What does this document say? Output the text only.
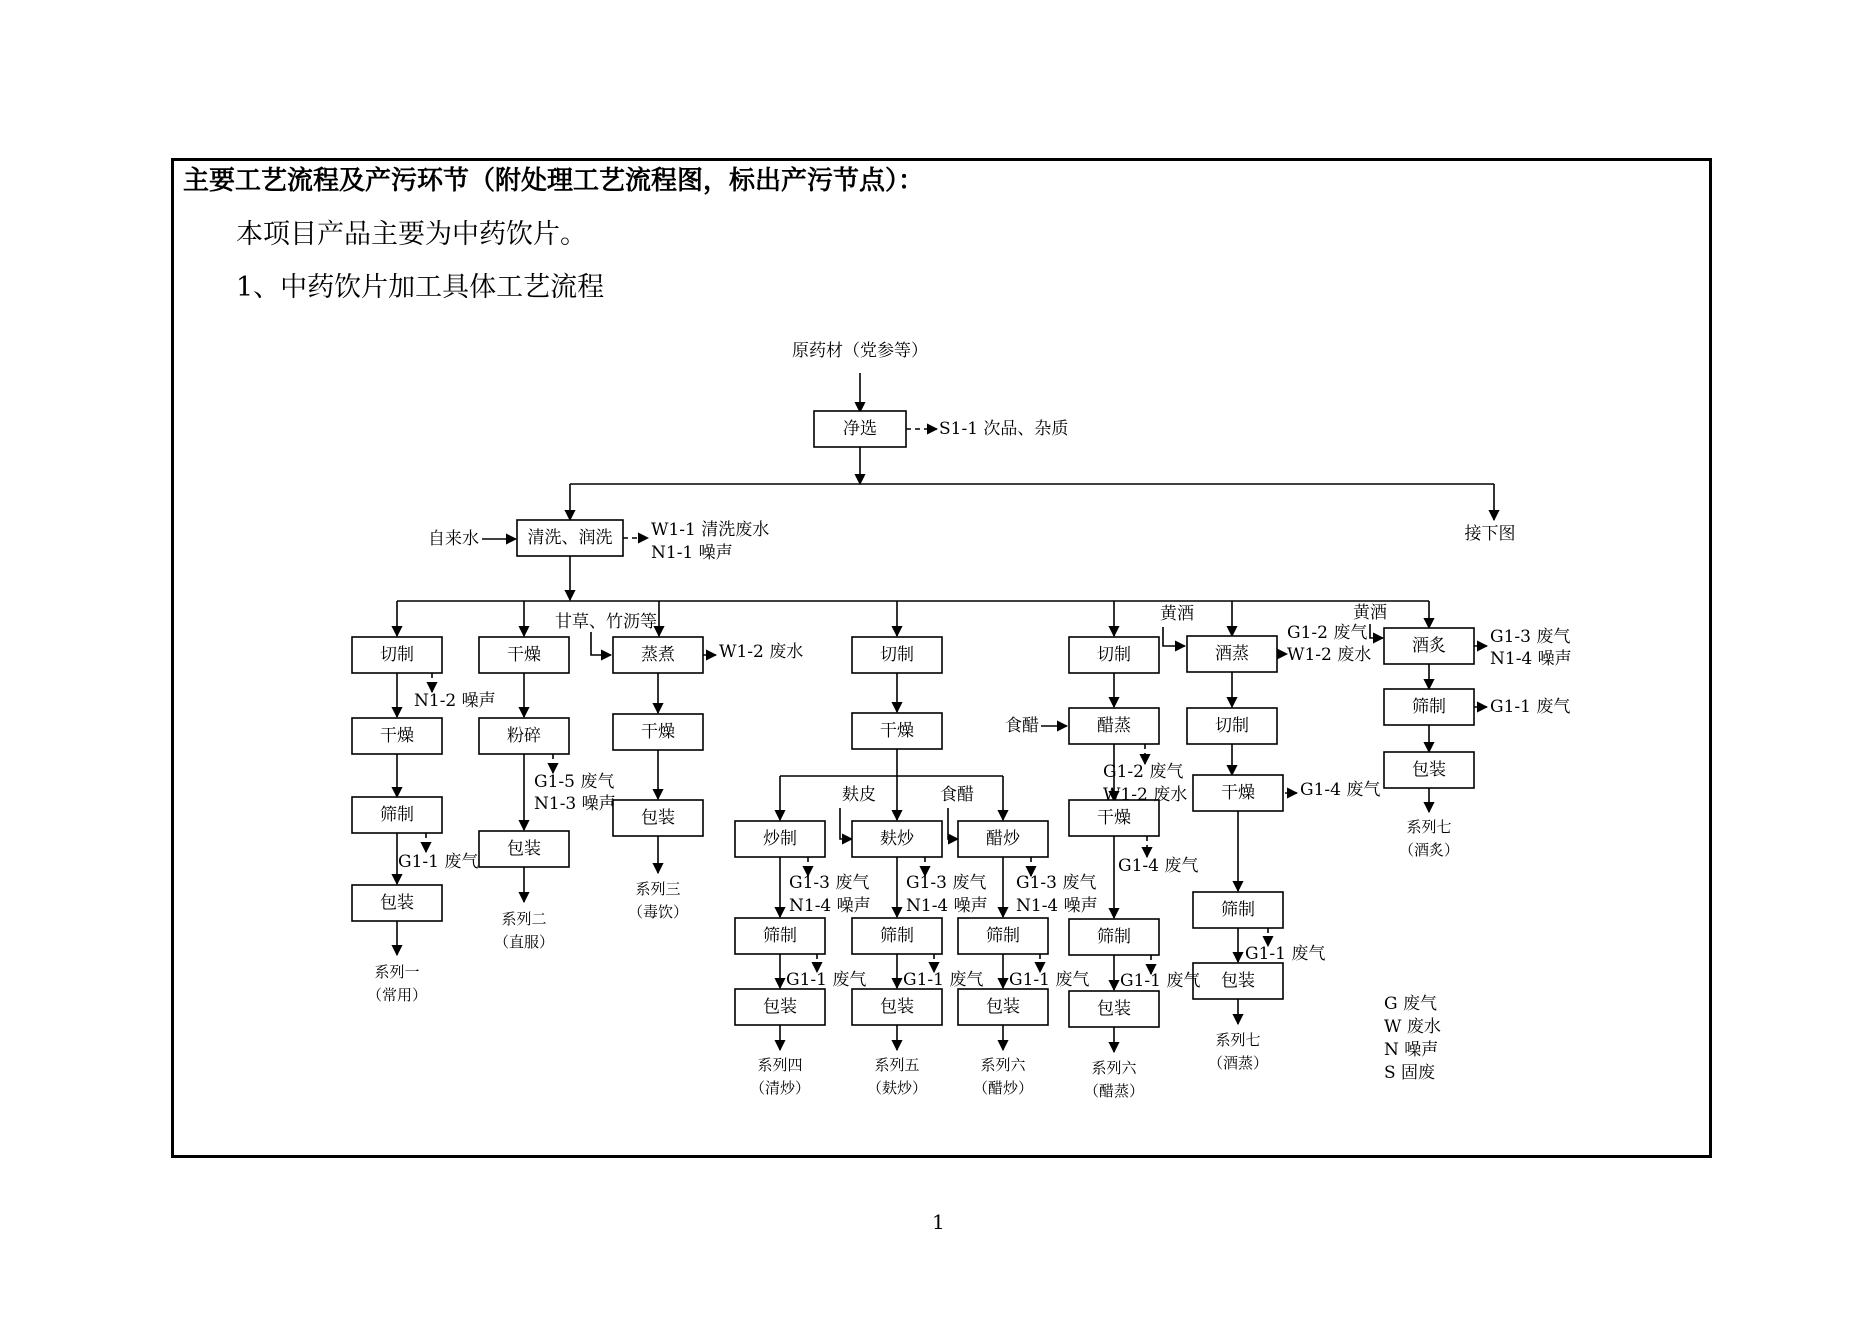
主要工艺流程及产污环节（附处理工艺流程图，标出产污节点）：
本项目产品主要为中药饮片。
1、中药饮片加工具体工艺流程
1
原药材（党参等）
净选	S1-1 次品、杂质
接下图
自来水	清洗、润洗 W1-1 清洗废水
N1-1 噪声
切制
N1-2 噪声
干燥
筛制
G1-1 废气
包装
系列一
（常用）
干燥
粉碎
G1-5 废气
N1-3 噪声
包装
系列二
（直服）
甘草、竹沥等
蒸煮	W1-2 废水
干燥
包装
系列三
（毒饮）
切制
干燥
炒制
G1-3 废气
N1-4 噪声
筛制
G1-1 废气
包装
系列四
（清炒）
麸皮
麸炒
G1-3 废气
N1-4 噪声
筛制
G1-1 废气
包装
系列五
（麸炒）
食醋
醋炒
G1-3 废气
N1-4 噪声
筛制
G1-1 废气
包装
系列六
（醋炒）
切制
食醋	醋蒸
G1-2 废气
W1-2 废水
干燥
G1-4 废气
筛制
G1-1 废气
包装
系列六
（醋蒸）
黄酒
酒蒸
切制
干燥	G1-4 废气
筛制
G1-1 废气
包装
系列七
（酒蒸）
G1-2 废气
W1-2 废水
黄酒
酒炙	G1-3 废气
N1-4 噪声
筛制	G1-1 废气
包装
系列七
（酒炙）
G 废气
W 废水
N 噪声
S 固废
